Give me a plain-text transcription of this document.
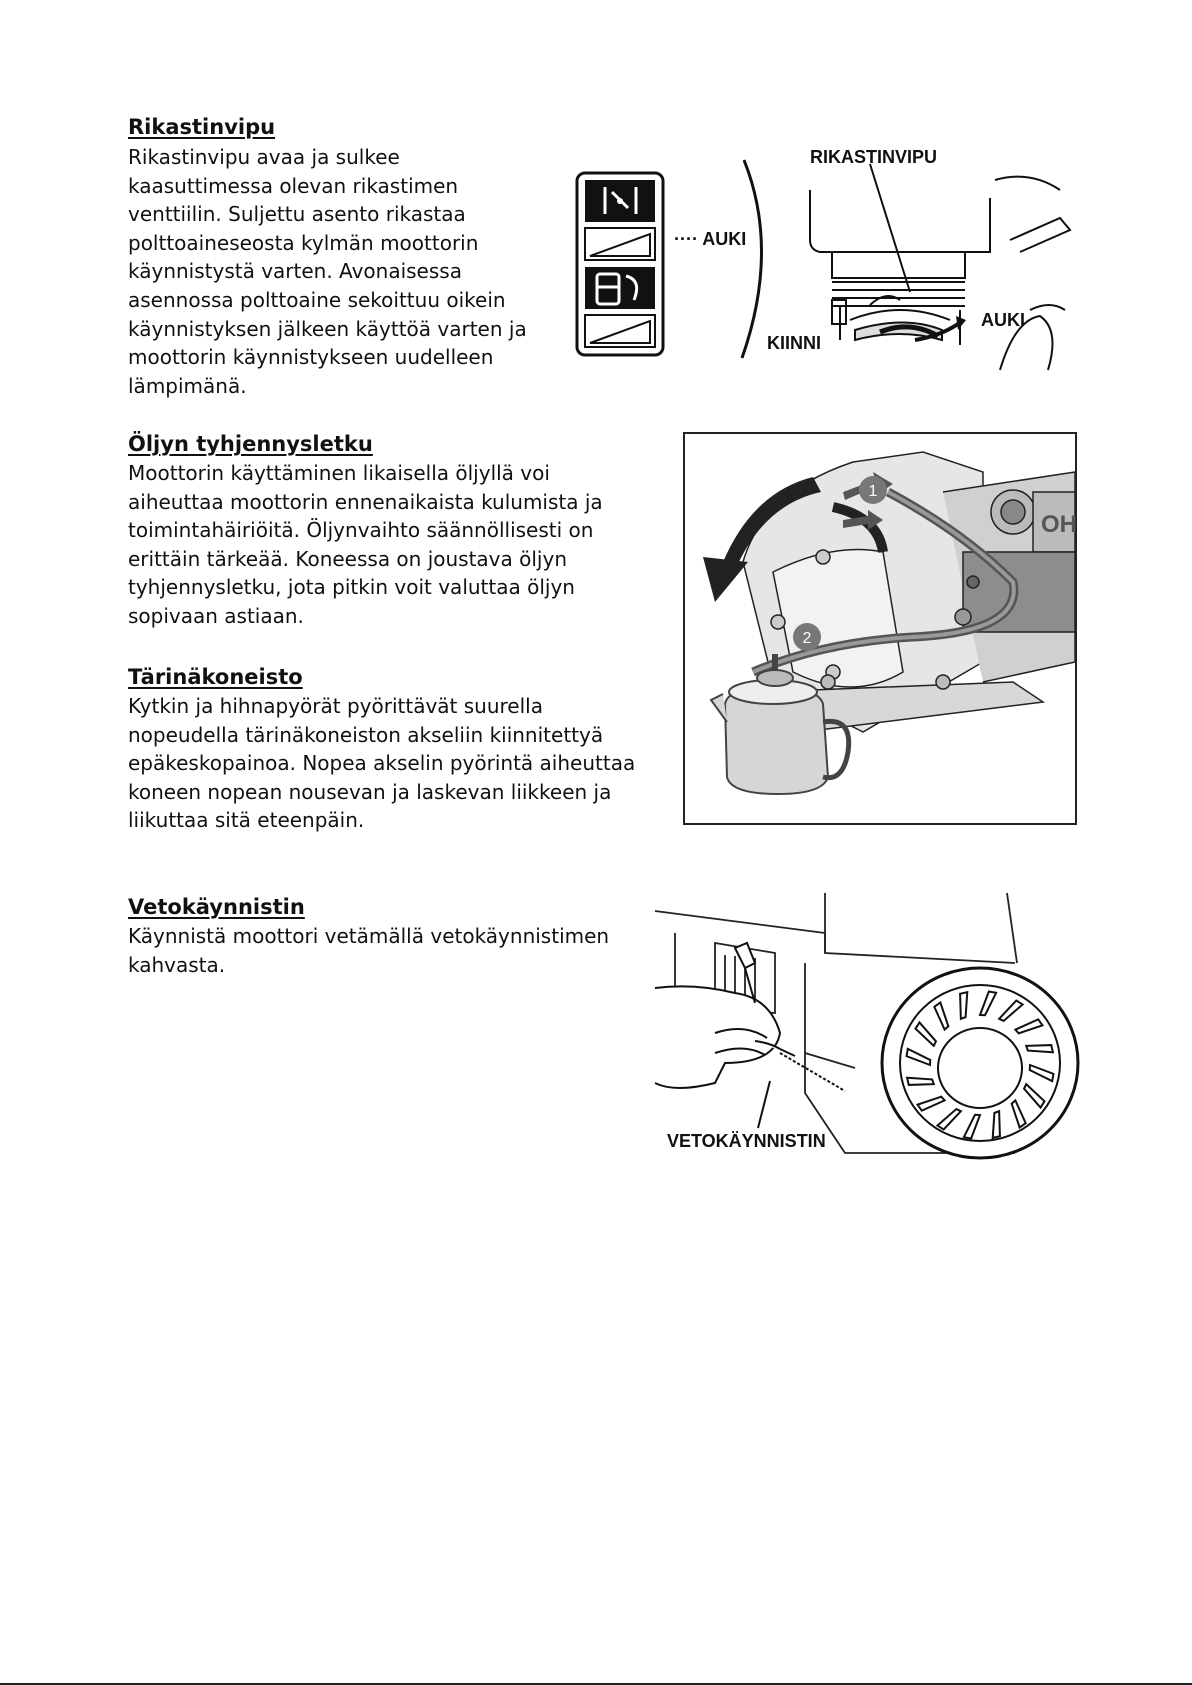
Rikastinvipu
Rikastinvipu avaa ja sulkee
kaasuttimessa olevan rikastimen
venttiilin. Suljettu asento rikastaa
polttoaineseosta kylmän moottorin
käynnistystä varten. Avonaisessa
asennossa polttoaine sekoittuu oikein
käynnistyksen jälkeen käyttöä varten ja
moottorin käynnistykseen uudelleen
lämpimänä.
···· AUKI
RIKASTINVIPU
AUKI
KIINNI
Öljyn tyhjennysletku
Moottorin käyttäminen likaisella öljyllä voi
aiheuttaa moottorin ennenaikaista kulumista ja
toimintahäiriöitä. Öljynvaihto säännöllisesti on
erittäin tärkeää. Koneessa on joustava öljyn
tyhjennysletku, jota pitkin voit valuttaa öljyn
sopivaan astiaan.
OH
1
2
Tärinäkoneisto
Kytkin ja hihnapyörät pyörittävät suurella
nopeudella tärinäkoneiston akseliin kiinnitettyä
epäkeskopainoa. Nopea akselin pyörintä aiheuttaa
koneen nopean nousevan ja laskevan liikkeen ja
liikuttaa sitä eteenpäin.
Vetokäynnistin
Käynnistä moottori vetämällä vetokäynnistimen
kahvasta.
VETOKÄYNNISTIN
